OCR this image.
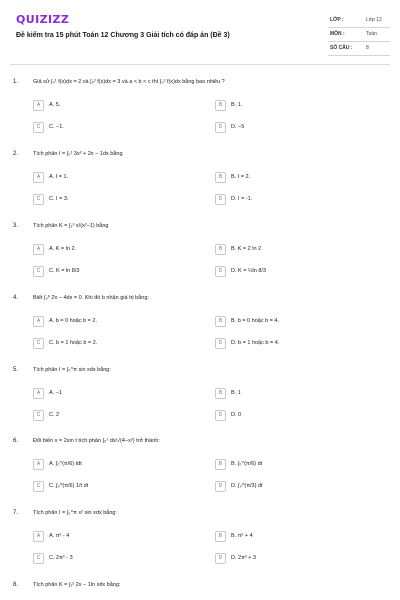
QUIZIZZ
Đề kiểm tra 15 phút Toán 12 Chương 3 Giải tích có đáp án (Đề 3)
LỚP :	Lớp 12
MÔN :	Toán
SỐ CÂU :	8
1.	Giả sử ∫₀¹ f(x)dx = 2 và ∫₀² f(x)dx = 3 và a < b < c thì ∫₀² f(x)dx bằng bao nhiêu ?
A	A. 5.	B	B. 1.
C	C. −1.	D	D. −5
2.	Tích phân I = ∫₀¹ 3x² + 2x − 1dx bằng
A	A. I = 1.	B	B. I = 2.
C	C. I = 3.	D	D. I = -1.
3.	Tích phân K = ∫₂³ x/(x²−1) bằng
A	A. K = ln 2.	B	B. K = 2 ln 2
C	C. K = ln 8/3	D	D. K = ½ln 8/3
4.	Biết ∫₀ᵇ 2x − 4dx = 0. Khi đó b nhận giá trị bằng:
A	A. b = 0 hoặc b = 2.	B	B. b = 0 hoặc b = 4.
C	C. b = 1 hoặc b = 2.	D	D. b = 1 hoặc b = 4.
5.	Tích phân I = ∫₀^π sin xdx bằng:
A	A. −1	B	B. 1
C	C. 2	D	D. 0
6.	Đổi biến x = 2sin t tích phân ∫₀¹ dx/√(4−x²) trở thành:
A	A. ∫₀^(π/6) tdt	B	B. ∫₀^(π/6) dt
C	C. ∫₀^(π/6) 1/t dt	D	D. ∫₀^(π/3) dt
7.	Tích phân I = ∫₀^π x² sin xdx bằng:
A	A. π² - 4	B	B. π² + 4
C	C. 2π² - 3	D	D. 2π² + 3
8.	Tích phân K = ∫₁² 2x − 1ln xdx bằng:
